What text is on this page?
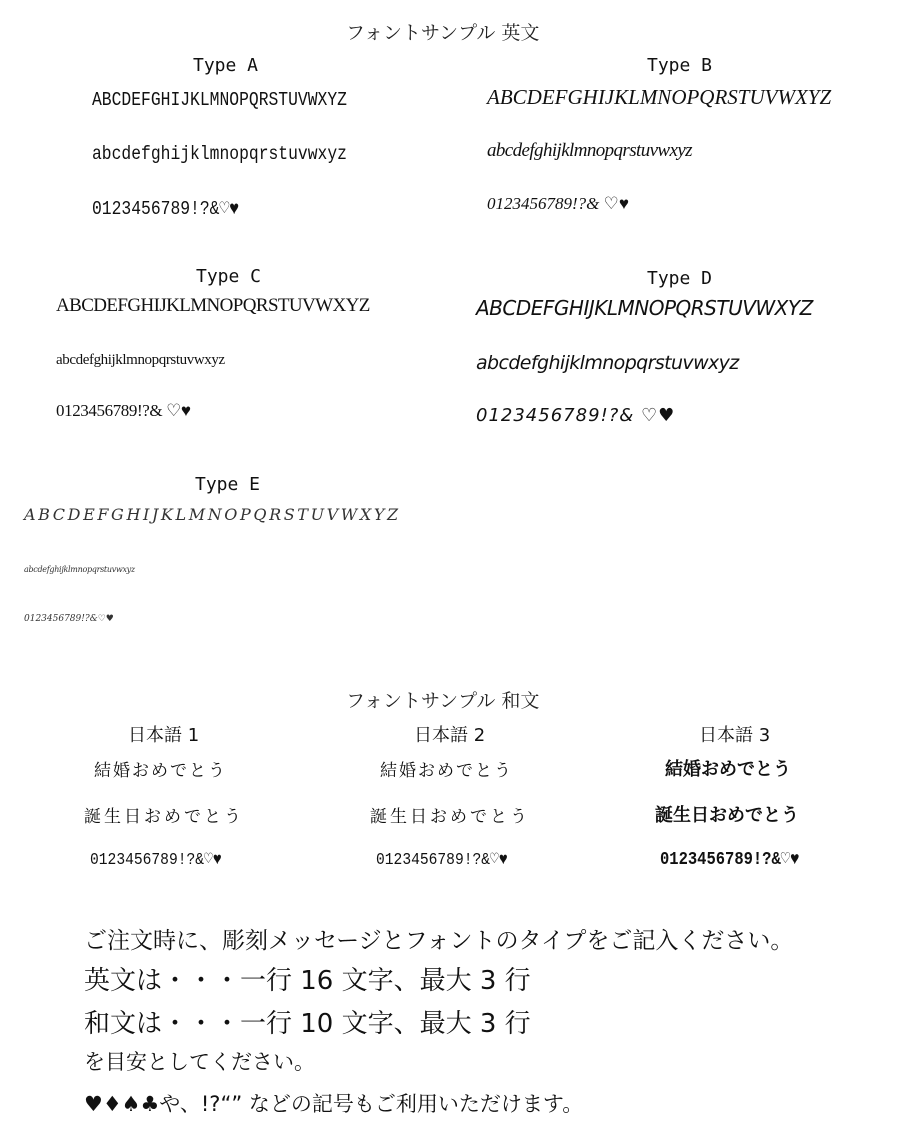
フォントサンプル 英文
Type A
ABCDEFGHIJKLMNOPQRSTUVWXYZ
abcdefghijklmnopqrstuvwxyz
0123456789!?&♡♥
Type B
ABCDEFGHIJKLMNOPQRSTUVWXYZ
abcdefghijklmnopqrstuvwxyz
0123456789!?& ♡♥
Type C
ABCDEFGHIJKLMNOPQRSTUVWXYZ
abcdefghijklmnopqrstuvwxyz
0123456789!?& ♡♥
Type D
ABCDEFGHIJKLMNOPQRSTUVWXYZ
abcdefghijklmnopqrstuvwxyz
0123456789!?& ♡♥
Type E
ABCDEFGHIJKLMNOPQRSTUVWXYZ
abcdefghijklmnopqrstuvwxyz
0123456789!?&♡♥
フォントサンプル 和文
日本語 1
結婚おめでとう
誕生日おめでとう
0123456789!?&♡♥
日本語 2
結婚おめでとう
誕生日おめでとう
0123456789!?&♡♥
日本語 3
結婚おめでとう
誕生日おめでとう
0123456789!?&♡♥
ご注文時に、彫刻メッセージとフォントのタイプをご記入ください。
英文は・・・一行 16 文字、最大 3 行
和文は・・・一行 10 文字、最大 3 行
を目安としてください。
♥♦♠♣や、!?“” などの記号もご利用いただけます。
